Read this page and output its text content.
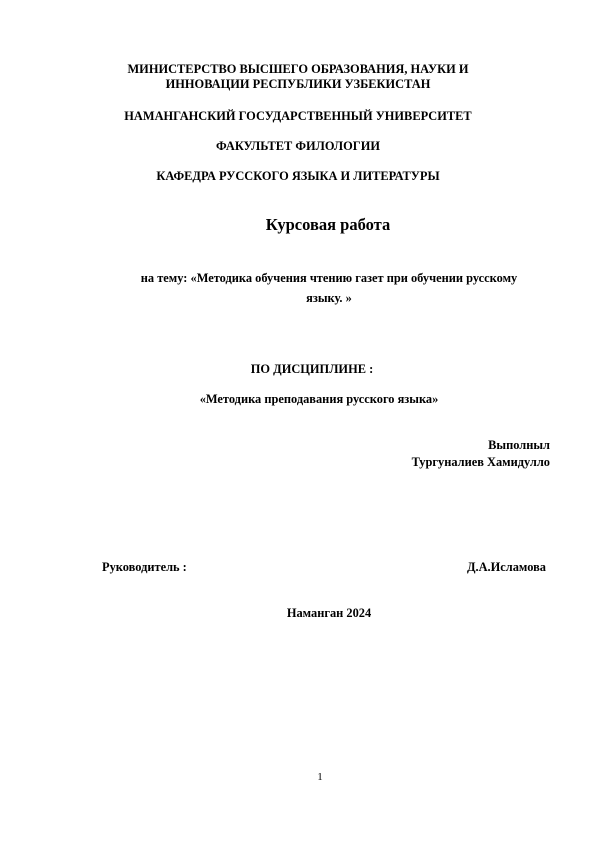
МИНИСТЕРСТВО ВЫСШЕГО ОБРАЗОВАНИЯ, НАУКИ И
ИННОВАЦИИ РЕСПУБЛИКИ УЗБЕКИСТАН
НАМАНГАНСКИЙ ГОСУДАРСТВЕННЫЙ УНИВЕРСИТЕТ
ФАКУЛЬТЕТ ФИЛОЛОГИИ
КАФЕДРА РУССКОГО ЯЗЫКА И ЛИТЕРАТУРЫ
Курсовая работа
на тему: «Методика обучения чтению газет при обучении русскому
языку. »
ПО ДИСЦИПЛИНЕ :
«Методика преподавания русского языка»
Выполныл
Тургуналиев Хамидулло
Руководитель :	Д.А.Исламова
Наманган 2024
1
